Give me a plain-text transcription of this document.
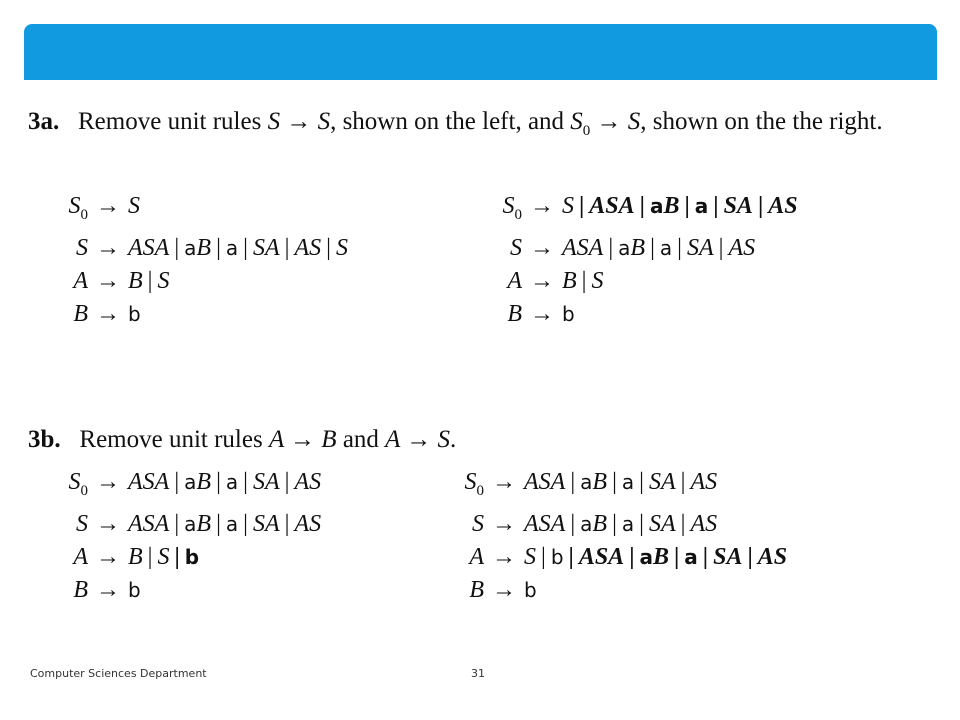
3a. Remove unit rules S → S, shown on the left, and $S_0 \to S$, shown on the the right.
$S_0 \to S$
S → ASA | aB | a | SA | AS | S
A → B | S
B → b
$S_0 \to S$ | ASA | aB | a | SA | AS
S → ASA | aB | a | SA | AS
A → B | S
B → b
3b. Remove unit rules A → B and A → S.
$S_0$ → ASA | aB | a | SA | AS
S → ASA | aB | a | SA | AS
A → B | S | b
B → b
$S_0$ → ASA | aB | a | SA | AS
S → ASA | aB | a | SA | AS
A → S | b | ASA | aB | a | SA | AS
B → b
Computer Sciences Department	31
